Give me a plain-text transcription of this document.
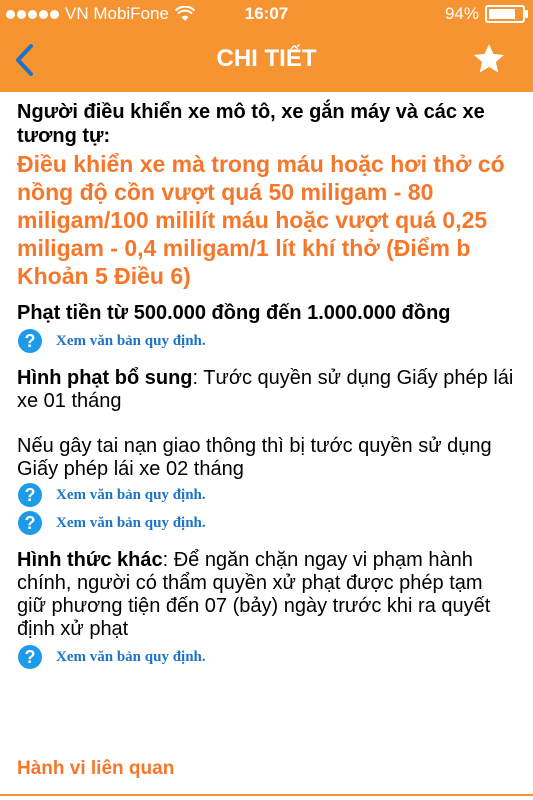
VN MobiFone	16:07	94%
CHI TIẾT

Người điều khiển xe mô tô, xe gắn máy và các xe tương tự:

Điều khiển xe mà trong máu hoặc hơi thở có nồng độ cồn vượt quá 50 miligam - 80 miligam/100 mililít máu hoặc vượt quá 0,25 miligam - 0,4 miligam/1 lít khí thở (Điểm b Khoản 5 Điều 6)

Phạt tiền từ 500.000 đồng đến 1.000.000 đồng

?	Xem văn bản quy định.

Hình phạt bổ sung: Tước quyền sử dụng Giấy phép lái xe 01 tháng

Nếu gây tai nạn giao thông thì bị tước quyền sử dụng Giấy phép lái xe 02 tháng

?	Xem văn bản quy định.
?	Xem văn bản quy định.

Hình thức khác: Để ngăn chặn ngay vi phạm hành chính, người có thẩm quyền xử phạt được phép tạm giữ phương tiện đến 07 (bảy) ngày trước khi ra quyết định xử phạt

?	Xem văn bản quy định.
Hành vi liên quan
